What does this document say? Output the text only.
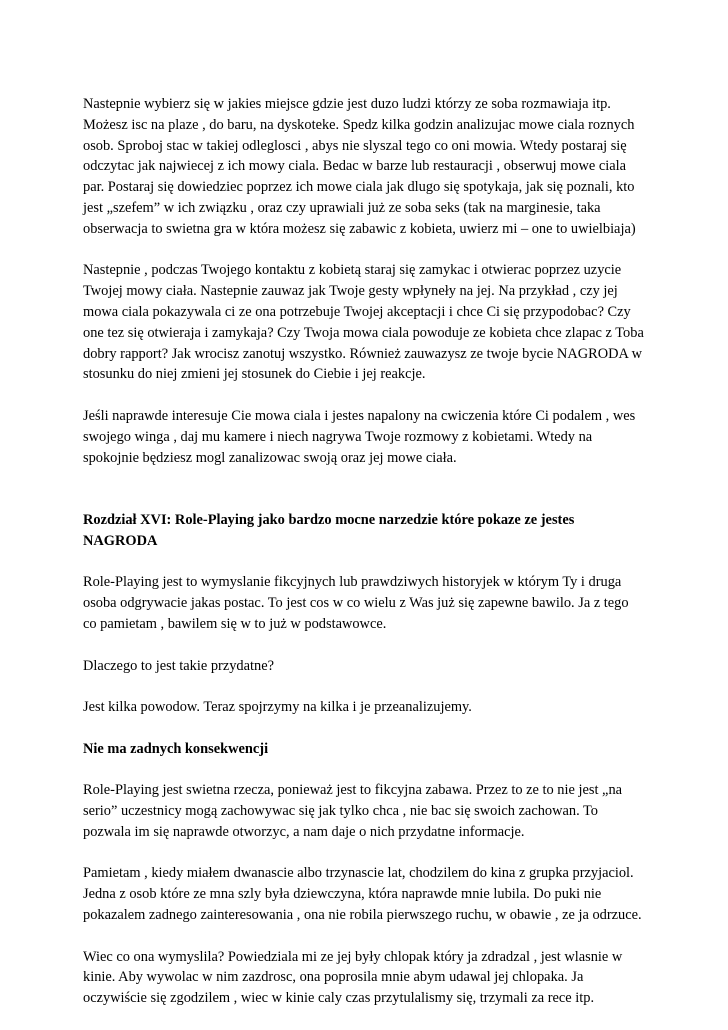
Nastepnie wybierz się w jakies miejsce gdzie jest duzo ludzi którzy ze soba rozmawiaja itp.
Możesz isc na plaze , do baru, na dyskoteke. Spedz kilka godzin analizujac mowe ciala roznych
osob. Sproboj stac w takiej odleglosci , abys nie slyszal tego co oni mowia. Wtedy postaraj się
odczytac jak najwiecej z ich mowy ciala. Bedac w barze lub restauracji , obserwuj mowe ciala
par. Postaraj się dowiedziec poprzez ich mowe ciala jak dlugo się spotykaja, jak się poznali, kto
jest „szefem” w ich związku , oraz czy uprawiali już ze soba seks (tak na marginesie, taka
obserwacja to swietna gra w która możesz się zabawic z kobieta, uwierz mi – one to uwielbiaja)
Nastepnie , podczas Twojego kontaktu z kobietą staraj się zamykac i otwierac poprzez uzycie
Twojej mowy ciała. Nastepnie zauwaz jak Twoje gesty wpłyneły na jej. Na przykład , czy jej
mowa ciala pokazywala ci ze ona potrzebuje Twojej akceptacji i chce Ci się przypodobac? Czy
one tez się otwieraja i zamykaja? Czy Twoja mowa ciala powoduje ze kobieta chce zlapac z Toba
dobry rapport? Jak wrocisz zanotuj wszystko. Również zauwazysz ze twoje bycie NAGRODA w
stosunku do niej zmieni jej stosunek do Ciebie i jej reakcje.
Jeśli naprawde interesuje Cie mowa ciala i jestes napalony na cwiczenia które Ci podalem , wes
swojego winga , daj mu kamere i niech nagrywa Twoje rozmowy z kobietami. Wtedy na
spokojnie będziesz mogl zanalizowac swoją oraz jej mowe ciała.
Rozdział XVI: Role-Playing jako bardzo mocne narzedzie które pokaze ze jestes
NAGRODA
Role-Playing jest to wymyslanie fikcyjnych lub prawdziwych historyjek w którym Ty i druga
osoba odgrywacie jakas postac. To jest cos w co wielu z Was już się zapewne bawilo. Ja z tego
co pamietam , bawilem się w to już w podstawowce.
Dlaczego to jest takie przydatne?
Jest kilka powodow. Teraz spojrzymy na kilka i je przeanalizujemy.
Nie ma zadnych konsekwencji
Role-Playing jest swietna rzecza, ponieważ jest to fikcyjna zabawa. Przez to ze to nie jest „na
serio” uczestnicy mogą zachowywac się jak tylko chca , nie bac się swoich zachowan. To
pozwala im się naprawde otworzyc, a nam daje o nich przydatne informacje.
Pamietam , kiedy miałem dwanascie albo trzynascie lat, chodzilem do kina z grupka przyjaciol.
Jedna z osob które ze mna szly była dziewczyna, która naprawde mnie lubila. Do puki nie
pokazalem zadnego zainteresowania , ona nie robila pierwszego ruchu, w obawie , ze ja odrzuce.
Wiec co ona wymyslila? Powiedziala mi ze jej były chlopak który ja zdradzal , jest wlasnie w
kinie. Aby wywolac w nim zazdrosc, ona poprosila mnie abym udawal jej chlopaka. Ja
oczywiście się zgodzilem , wiec w kinie caly czas przytulalismy się, trzymali za rece itp.
